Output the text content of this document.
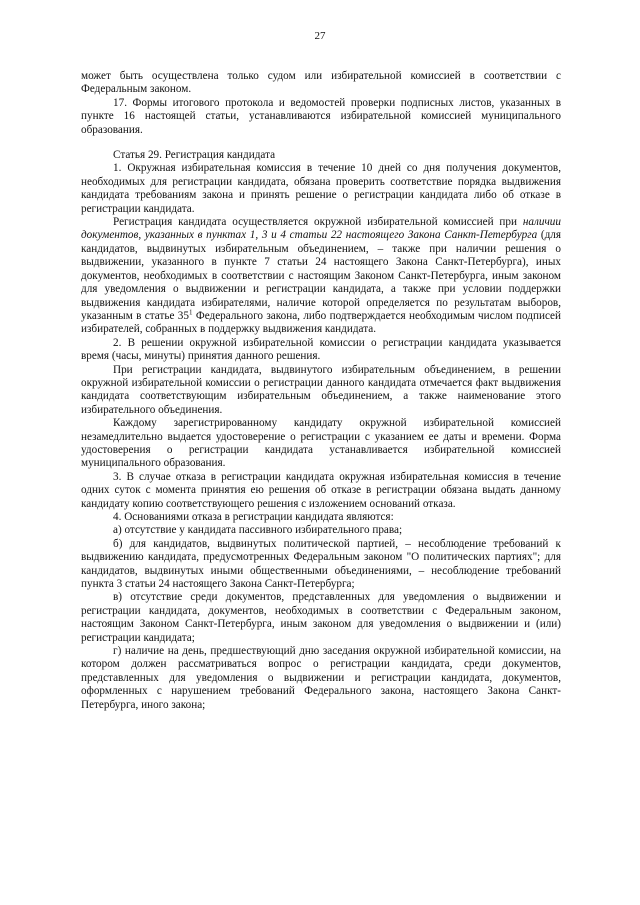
27

может быть осуществлена только судом или избирательной комиссией в соответствии с Федеральным законом.

17. Формы итогового протокола и ведомостей проверки подписных листов, указанных в пункте 16 настоящей статьи, устанавливаются избирательной комиссией муниципального образования.

Статья 29. Регистрация кандидата

1. Окружная избирательная комиссия в течение 10 дней со дня получения документов, необходимых для регистрации кандидата, обязана проверить соответствие порядка выдвижения кандидата требованиям закона и принять решение о регистрации кандидата либо об отказе в регистрации кандидата.

Регистрация кандидата осуществляется окружной избирательной комиссией при наличии документов, указанных в пунктах 1, 3 и 4 статьи 22 настоящего Закона Санкт-Петербурга (для кандидатов, выдвинутых избирательным объединением, – также при наличии решения о выдвижении, указанного в пункте 7 статьи 24 настоящего Закона Санкт-Петербурга), иных документов, необходимых в соответствии с настоящим Законом Санкт-Петербурга, иным законом для уведомления о выдвижении и регистрации кандидата, а также при условии поддержки выдвижения кандидата избирателями, наличие которой определяется по результатам выборов, указанным в статье $35^1$ Федерального закона, либо подтверждается необходимым числом подписей избирателей, собранных в поддержку выдвижения кандидата.

2. В решении окружной избирательной комиссии о регистрации кандидата указывается время (часы, минуты) принятия данного решения.

При регистрации кандидата, выдвинутого избирательным объединением, в решении окружной избирательной комиссии о регистрации данного кандидата отмечается факт выдвижения кандидата соответствующим избирательным объединением, а также наименование этого избирательного объединения.

Каждому зарегистрированному кандидату окружной избирательной комиссией незамедлительно выдается удостоверение о регистрации с указанием ее даты и времени. Форма удостоверения о регистрации кандидата устанавливается избирательной комиссией муниципального образования.

3. В случае отказа в регистрации кандидата окружная избирательная комиссия в течение одних суток с момента принятия ею решения об отказе в регистрации обязана выдать данному кандидату копию соответствующего решения с изложением оснований отказа.

4. Основаниями отказа в регистрации кандидата являются:

а) отсутствие у кандидата пассивного избирательного права;

б) для кандидатов, выдвинутых политической партией, – несоблюдение требований к выдвижению кандидата, предусмотренных Федеральным законом "О политических партиях"; для кандидатов, выдвинутых иными общественными объединениями, – несоблюдение требований пункта 3 статьи 24 настоящего Закона Санкт-Петербурга;

в) отсутствие среди документов, представленных для уведомления о выдвижении и регистрации кандидата, документов, необходимых в соответствии с Федеральным законом, настоящим Законом Санкт-Петербурга, иным законом для уведомления о выдвижении и (или) регистрации кандидата;

г) наличие на день, предшествующий дню заседания окружной избирательной комиссии, на котором должен рассматриваться вопрос о регистрации кандидата, среди документов, представленных для уведомления о выдвижении и регистрации кандидата, документов, оформленных с нарушением требований Федерального закона, настоящего Закона Санкт-Петербурга, иного закона;
